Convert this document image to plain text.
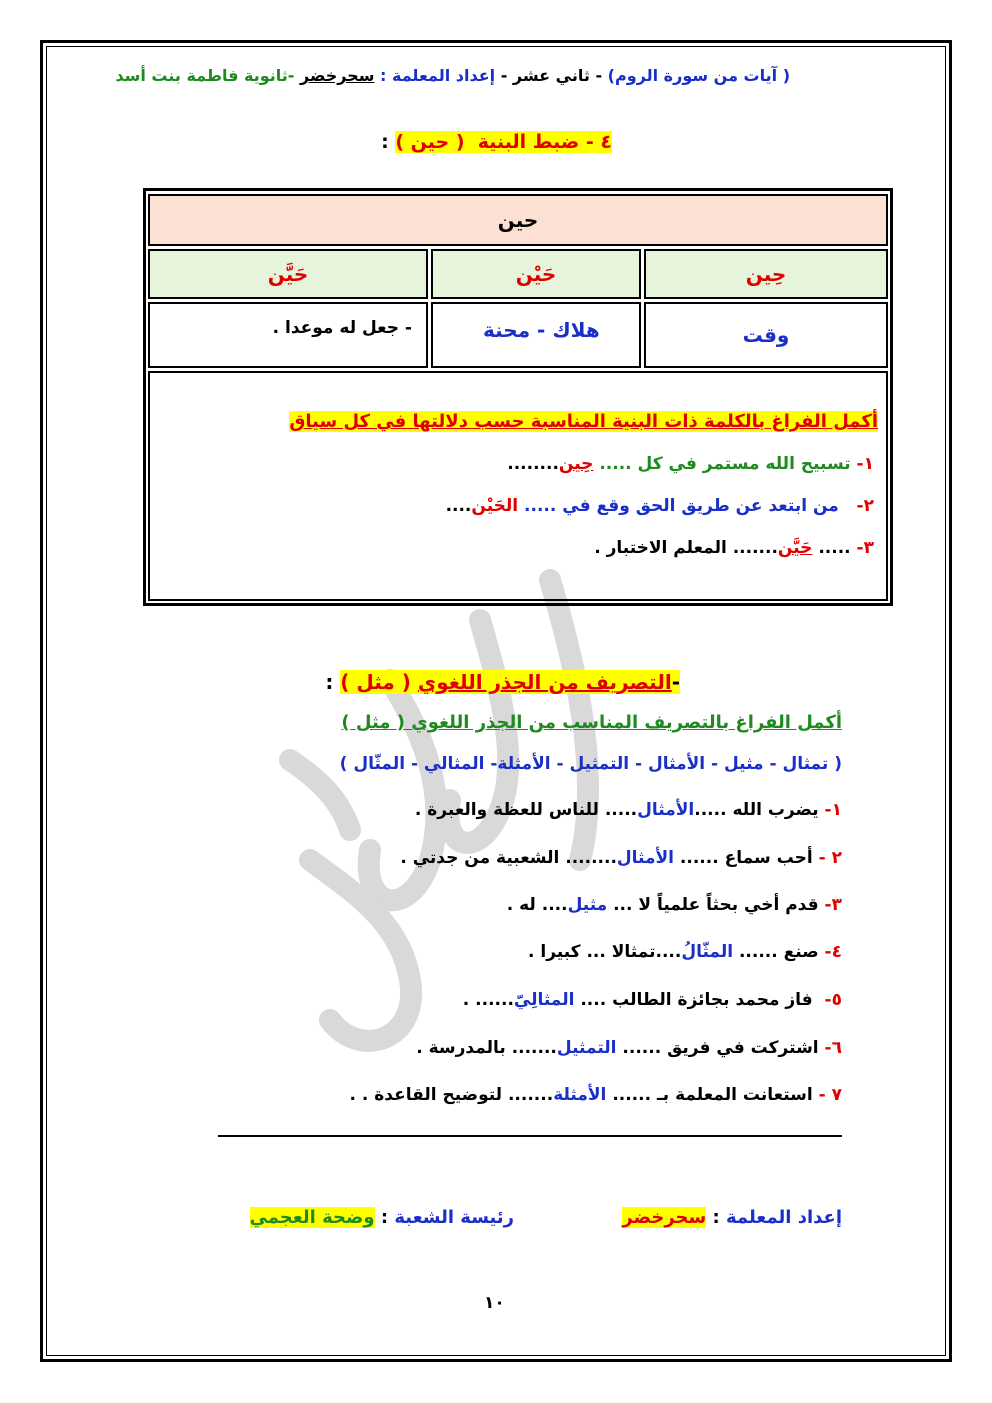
( آيات من سورة الروم) - ثاني عشر - إعداد المعلمة : سحرخضر -ثانوية فاطمة بنت أسد
٤ - ضبط البنية  ( حين ) :
حين
حِين
حَيْن
حَيَّن
وقت
هلاك - محنة
- جعل له موعدا .
أكمل الفراغ بالكلمة ذات البنية المناسبة حسب دلالتها في كل سياق
١- تسبيح الله مستمر في كل ..... حِين........
٢-   من ابتعد عن طريق الحق وقع في ..... الحَيْن....
٣- ..... حَيَّن....... المعلم الاختبار .
-التصريف من الجذر اللغوي ( مثل ) :
أكمل الفراغ بالتصريف المناسب من الجذر اللغوي ( مثل )
( تمثال - مثيل - الأمثال - التمثيل - الأمثلة- المثالي - المثّال )
١- يضرب الله .....الأمثال..... للناس للعظة والعبرة .
٢ - أحب سماع ...... الأمثال........ الشعبية من جدتي .
٣- قدم أخي بحثاً علمياً لا ... مثيل.... له .
٤- صنع ...... المثّالُ....تمثالا ... كبيرا .
٥-  فاز محمد بجائزة الطالب .... المثالِيّ...... .
٦- اشتركت في فريق ...... التمثيل....... بالمدرسة .
٧ - استعانت المعلمة بـ ...... الأمثلة....... لتوضيح القاعدة . .
إعداد المعلمة : سحرخضر
رئيسة الشعبة : وضحة العجمي
١٠
